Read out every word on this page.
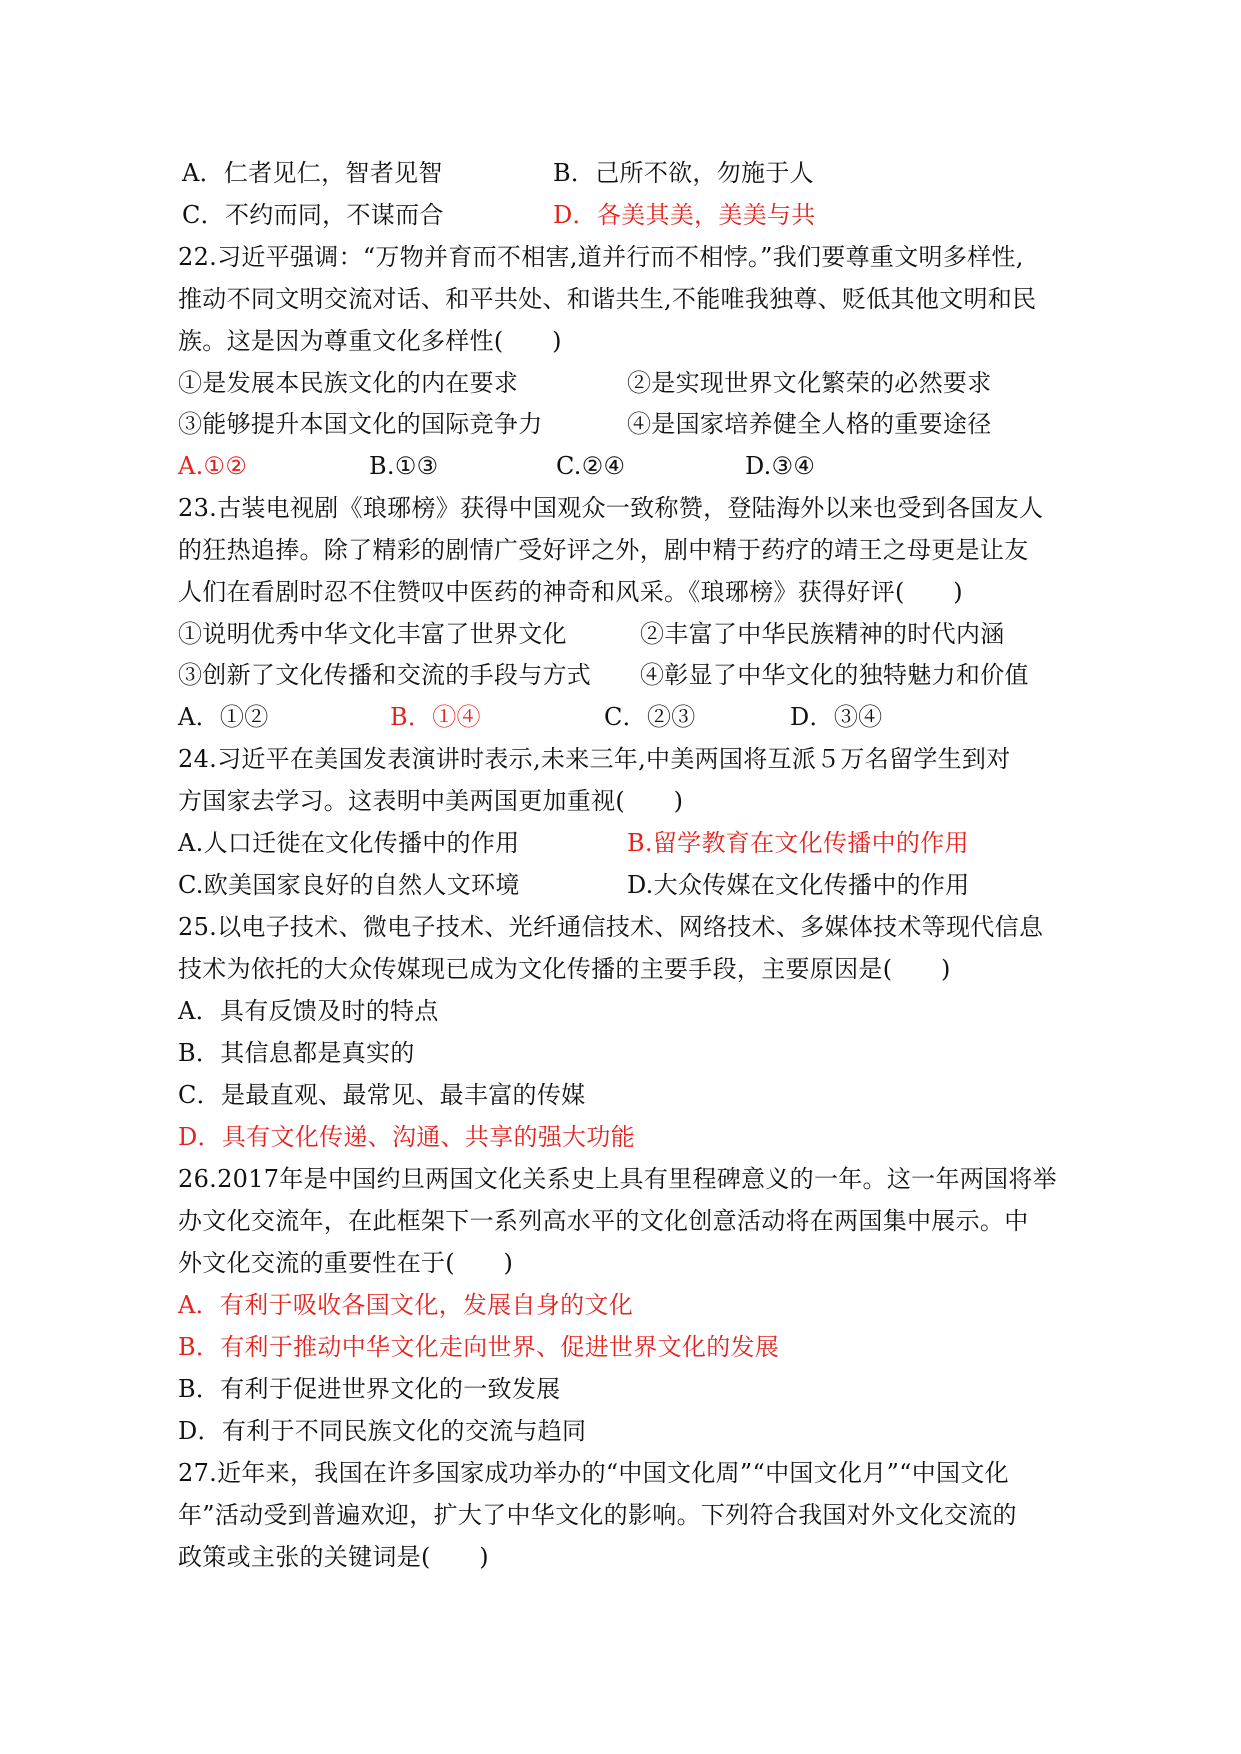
A．仁者见仁，智者见智	B．己所不欲，勿施于人
C．不约而同，不谋而合	D．各美其美，美美与共
22.习近平强调：“万物并育而不相害,道并行而不相悖。”我们要尊重文明多样性,
推动不同文明交流对话、和平共处、和谐共生,不能唯我独尊、贬低其他文明和民
族。这是因为尊重文化多样性(　　)
①是发展本民族文化的内在要求	②是实现世界文化繁荣的必然要求
③能够提升本国文化的国际竞争力	④是国家培养健全人格的重要途径
A.①②	B.①③	C.②④	D.③④
23.古装电视剧《琅琊榜》获得中国观众一致称赞，登陆海外以来也受到各国友人
的狂热追捧。除了精彩的剧情广受好评之外，剧中精于药疗的靖王之母更是让友
人们在看剧时忍不住赞叹中医药的神奇和风采。《琅琊榜》获得好评(　　)
①说明优秀中华文化丰富了世界文化	②丰富了中华民族精神的时代内涵
③创新了文化传播和交流的手段与方式 ④彰显了中华文化的独特魅力和价值
A．①②	B．①④	C．②③	D．③④
24.习近平在美国发表演讲时表示,未来三年,中美两国将互派５万名留学生到对
方国家去学习。这表明中美两国更加重视(　　)
A.人口迁徙在文化传播中的作用	B.留学教育在文化传播中的作用
C.欧美国家良好的自然人文环境	D.大众传媒在文化传播中的作用
25.以电子技术、微电子技术、光纤通信技术、网络技术、多媒体技术等现代信息
技术为依托的大众传媒现已成为文化传播的主要手段，主要原因是(　　)
A．具有反馈及时的特点
B．其信息都是真实的
C．是最直观、最常见、最丰富的传媒
D．具有文化传递、沟通、共享的强大功能
26.2017年是中国约旦两国文化关系史上具有里程碑意义的一年。这一年两国将举
办文化交流年，在此框架下一系列高水平的文化创意活动将在两国集中展示。中
外文化交流的重要性在于(　　)
A．有利于吸收各国文化，发展自身的文化
B．有利于推动中华文化走向世界、促进世界文化的发展
B．有利于促进世界文化的一致发展
D．有利于不同民族文化的交流与趋同
27.近年来，我国在许多国家成功举办的“中国文化周”“中国文化月”“中国文化
年”活动受到普遍欢迎，扩大了中华文化的影响。下列符合我国对外文化交流的
政策或主张的关键词是(　　)
